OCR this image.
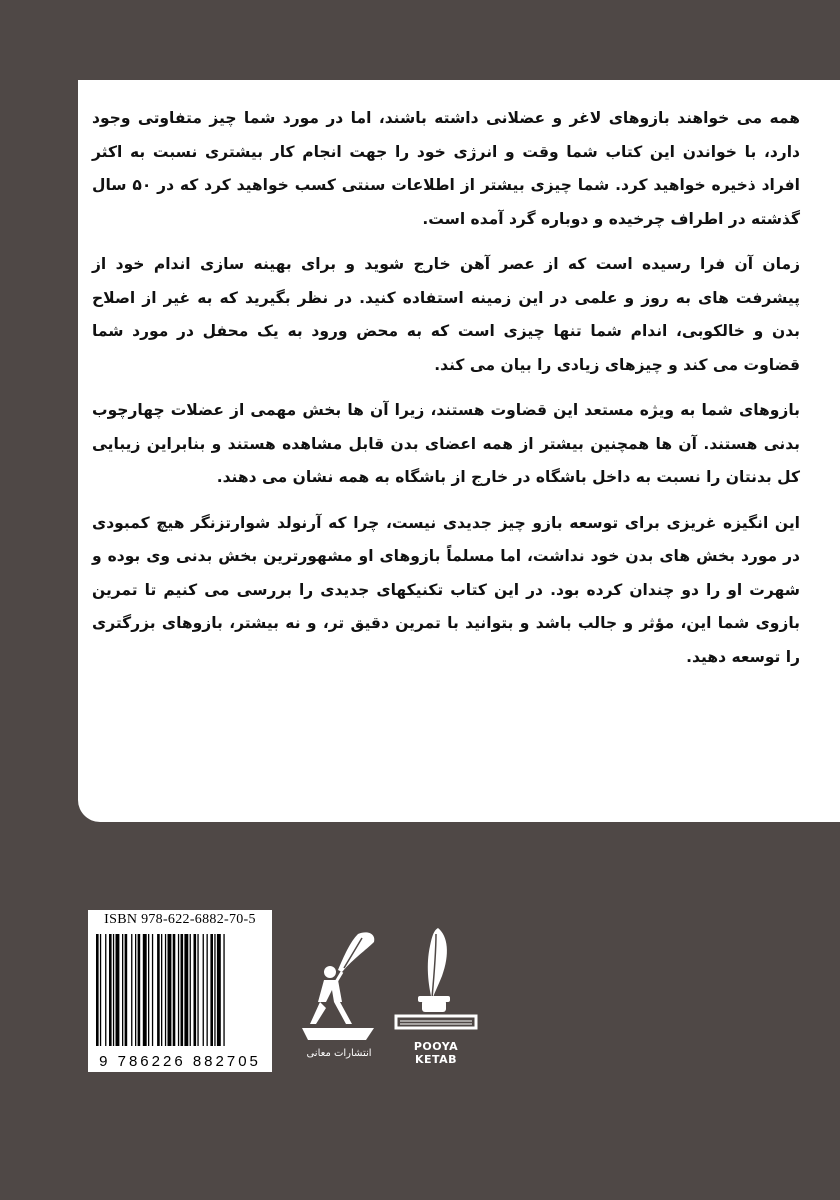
همه می خواهند بازوهای لاغر و عضلانی داشته باشند، اما در مورد شما چیز متفاوتی وجود دارد، با خواندن این کتاب شما وقت و انرژی خود را جهت انجام کار بیشتری نسبت به اکثر افراد ذخیره خواهید کرد. شما چیزی بیشتر از اطلاعات سنتی کسب خواهید کرد که در ۵۰ سال گذشته در اطراف چرخیده و دوباره گرد آمده است.

زمان آن فرا رسیده است که از عصر آهن خارج شوید و برای بهینه سازی اندام خود از پیشرفت های به روز و علمی در این زمینه استفاده کنید. در نظر بگیرید که به غیر از اصلاح بدن و خالکوبی، اندام شما تنها چیزی است که به محض ورود به یک محفل در مورد شما قضاوت می کند و چیزهای زیادی را بیان می کند.

بازوهای شما به ویژه مستعد این قضاوت هستند، زیرا آن ها بخش مهمی از عضلات چهارچوب بدنی هستند. آن ها همچنین بیشتر از همه اعضای بدن قابل مشاهده هستند و بنابراین زیبایی کل بدنتان را نسبت به داخل باشگاه در خارج از باشگاه به همه نشان می دهند.

این انگیزه غریزی برای توسعه بازو چیز جدیدی نیست، چرا که آرنولد شوارتزنگر هیچ کمبودی در مورد بخش های بدن خود نداشت، اما مسلماً بازوهای او مشهورترین بخش بدنی وی بوده و شهرت او را دو چندان کرده بود. در این کتاب تکنیکهای جدیدی را بررسی می کنیم تا تمرین بازوی شما این، مؤثر و جالب باشد و بتوانید با تمرین دقیق تر، و نه بیشتر، بازوهای بزرگتری را توسعه دهید.

ISBN 978-622-6882-70-5
9 786226 882705	انتشارات معانی
POOYA KETAB
